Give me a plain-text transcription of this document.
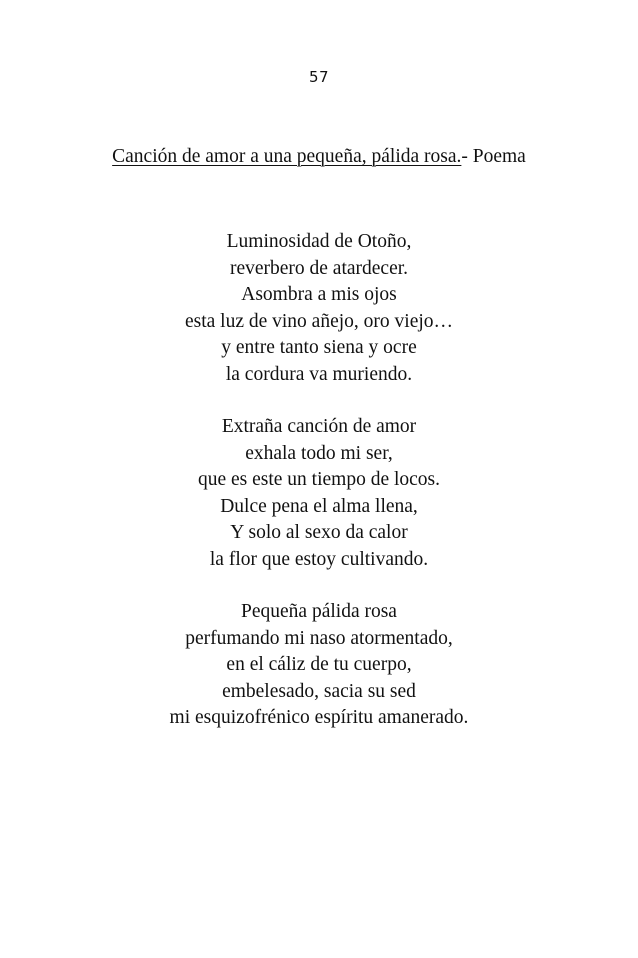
57
Canción de amor a una pequeña, pálida rosa.- Poema
Luminosidad de Otoño,
reverbero de atardecer.
Asombra a mis ojos
esta luz de vino añejo, oro viejo…
y entre tanto siena y ocre
la cordura va muriendo.
Extraña canción de amor
exhala todo mi ser,
que es este un tiempo de locos.
Dulce pena el alma llena,
Y solo al sexo da calor
la flor que estoy cultivando.
Pequeña pálida rosa
perfumando mi naso atormentado,
en el cáliz de tu cuerpo,
embelesado, sacia su sed
mi esquizofrénico espíritu amanerado.
